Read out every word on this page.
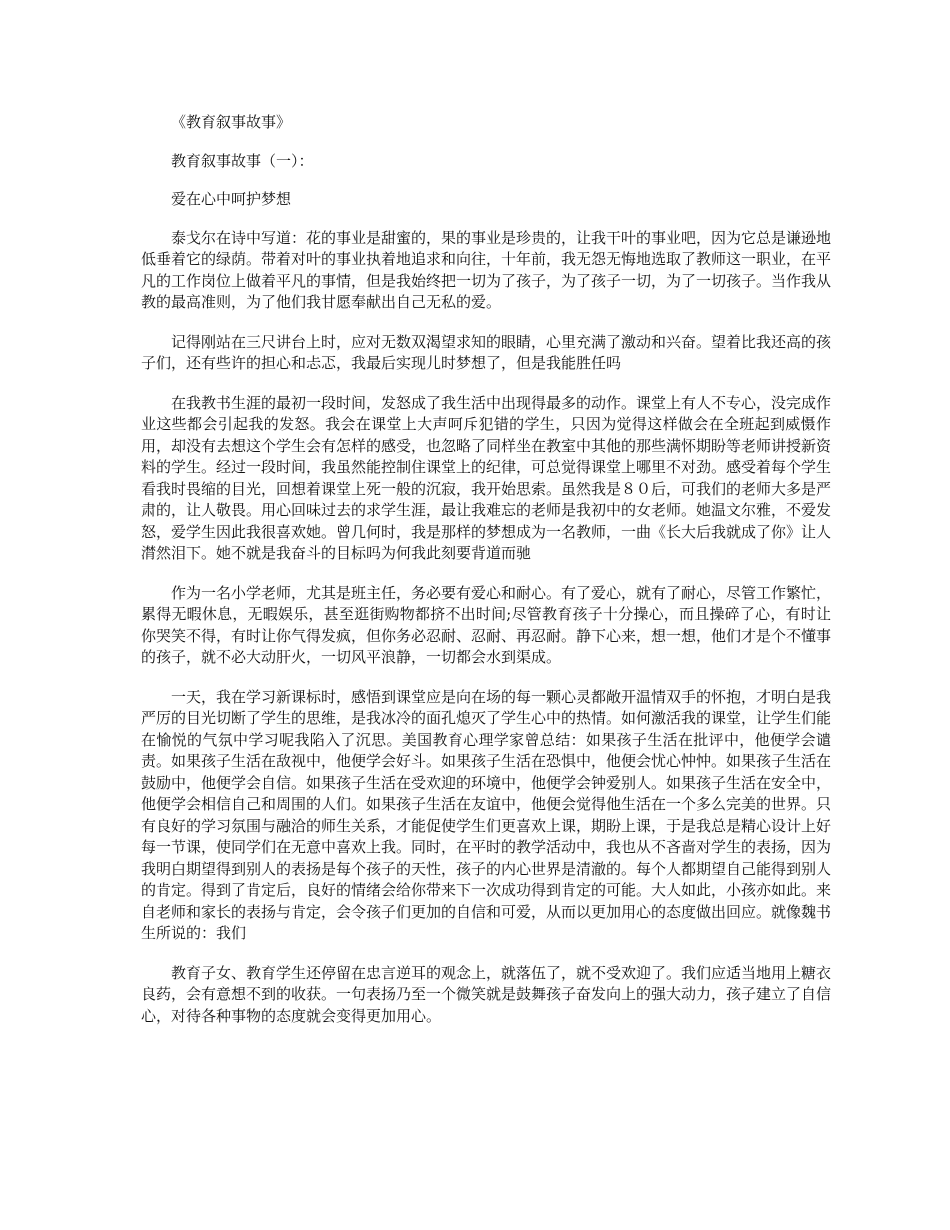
《教育叙事故事》

教育叙事故事（一）：

爱在心中呵护梦想

泰戈尔在诗中写道：花的事业是甜蜜的，果的事业是珍贵的，让我干叶的事业吧，因为它总是谦逊地低垂着它的绿荫。带着对叶的事业执着地追求和向往，十年前，我无怨无悔地选取了教师这一职业，在平凡的工作岗位上做着平凡的事情，但是我始终把一切为了孩子，为了孩子一切，为了一切孩子。当作我从教的最高准则，为了他们我甘愿奉献出自己无私的爱。

记得刚站在三尺讲台上时，应对无数双渴望求知的眼睛，心里充满了激动和兴奋。望着比我还高的孩子们，还有些许的担心和忐忑，我最后实现儿时梦想了，但是我能胜任吗

在我教书生涯的最初一段时间，发怒成了我生活中出现得最多的动作。课堂上有人不专心，没完成作业这些都会引起我的发怒。我会在课堂上大声呵斥犯错的学生，只因为觉得这样做会在全班起到威慑作用，却没有去想这个学生会有怎样的感受，也忽略了同样坐在教室中其他的那些满怀期盼等老师讲授新资料的学生。经过一段时间，我虽然能控制住课堂上的纪律，可总觉得课堂上哪里不对劲。感受着每个学生看我时畏缩的目光，回想着课堂上死一般的沉寂，我开始思索。虽然我是８０后，可我们的老师大多是严肃的，让人敬畏。用心回味过去的求学生涯，最让我难忘的老师是我初中的女老师。她温文尔雅，不爱发怒，爱学生因此我很喜欢她。曾几何时，我是那样的梦想成为一名教师，一曲《长大后我就成了你》让人潸然泪下。她不就是我奋斗的目标吗为何我此刻要背道而驰

作为一名小学老师，尤其是班主任，务必要有爱心和耐心。有了爱心，就有了耐心，尽管工作繁忙，累得无暇休息，无暇娱乐，甚至逛街购物都挤不出时间;尽管教育孩子十分操心，而且操碎了心，有时让你哭笑不得，有时让你气得发疯，但你务必忍耐、忍耐、再忍耐。静下心来，想一想，他们才是个不懂事的孩子，就不必大动肝火，一切风平浪静，一切都会水到渠成。

一天，我在学习新课标时，感悟到课堂应是向在场的每一颗心灵都敞开温情双手的怀抱，才明白是我严厉的目光切断了学生的思维，是我冰冷的面孔熄灭了学生心中的热情。如何激活我的课堂，让学生们能在愉悦的气氛中学习呢我陷入了沉思。美国教育心理学家曾总结：如果孩子生活在批评中，他便学会谴责。如果孩子生活在敌视中，他便学会好斗。如果孩子生活在恐惧中，他便会忧心忡忡。如果孩子生活在鼓励中，他便学会自信。如果孩子生活在受欢迎的环境中，他便学会钟爱别人。如果孩子生活在安全中，他便学会相信自己和周围的人们。如果孩子生活在友谊中，他便会觉得他生活在一个多么完美的世界。只有良好的学习氛围与融洽的师生关系，才能促使学生们更喜欢上课，期盼上课，于是我总是精心设计上好每一节课，使同学们在无意中喜欢上我。同时，在平时的教学活动中，我也从不吝啬对学生的表扬，因为我明白期望得到别人的表扬是每个孩子的天性，孩子的内心世界是清澈的。每个人都期望自己能得到别人的肯定。得到了肯定后，良好的情绪会给你带来下一次成功得到肯定的可能。大人如此，小孩亦如此。来自老师和家长的表扬与肯定，会令孩子们更加的自信和可爱，从而以更加用心的态度做出回应。就像魏书生所说的：我们

教育子女、教育学生还停留在忠言逆耳的观念上，就落伍了，就不受欢迎了。我们应适当地用上糖衣良药，会有意想不到的收获。一句表扬乃至一个微笑就是鼓舞孩子奋发向上的强大动力，孩子建立了自信心，对待各种事物的态度就会变得更加用心。
